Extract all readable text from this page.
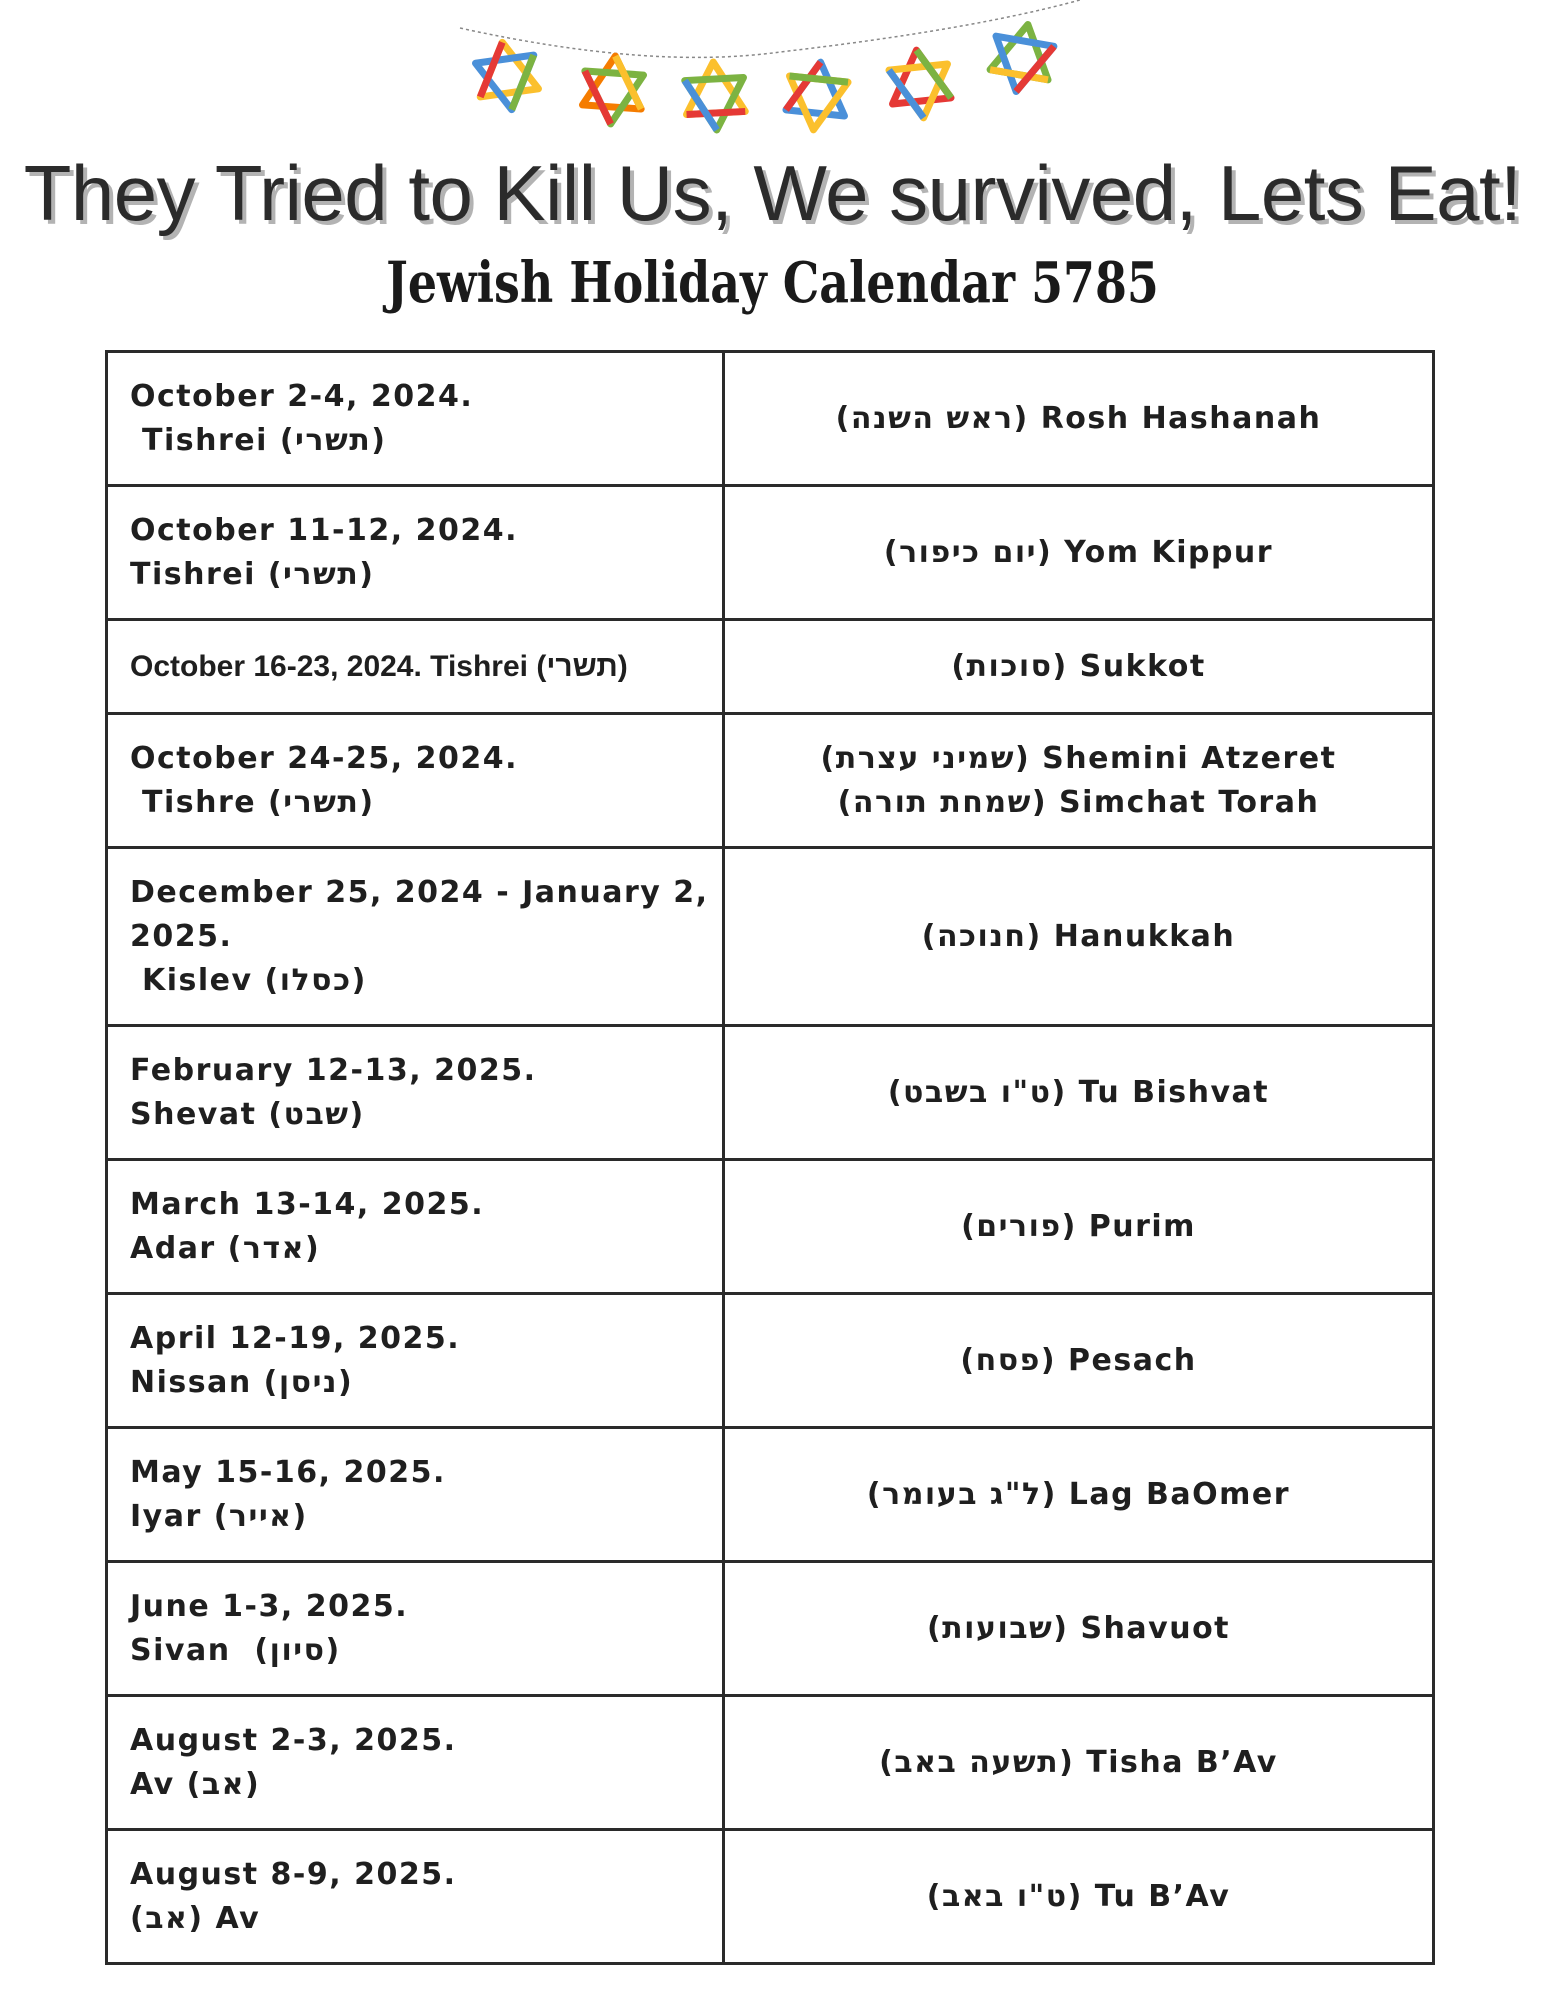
They Tried to Kill Us, We survived, Lets Eat!
Jewish Holiday Calendar 5785
October 2-4, 2024.
Tishrei (תשרי)	(ראש השנה) Rosh Hashanah

October 11-12, 2024.
Tishrei (תשרי)	(יום כיפור) Yom Kippur

October 16-23, 2024. Tishrei (תשרי)	(סוכות) Sukkot

October 24-25, 2024.
Tishre (תשרי)	(שמיני עצרת) Shemini Atzeret
(שמחת תורה) Simchat Torah

December 25, 2024 - January 2,
2025.
Kislev (כסלו)	(חנוכה) Hanukkah

February 12-13, 2025.
Shevat (שבט)	(ט"ו בשבט) Tu Bishvat

March 13-14, 2025.
Adar (אדר)	(פורים) Purim

April 12-19, 2025.
Nissan (ניסן)	(פסח) Pesach

May 15-16, 2025.
Iyar (אייר)	(ל"ג בעומר) Lag BaOmer

June 1-3, 2025.
Sivan  (סיון)	(שבועות) Shavuot

August 2-3, 2025.
Av (אב)	(תשעה באב) Tisha B’Av

August 8-9, 2025.
(אב) Av	(ט"ו באב) Tu B’Av
